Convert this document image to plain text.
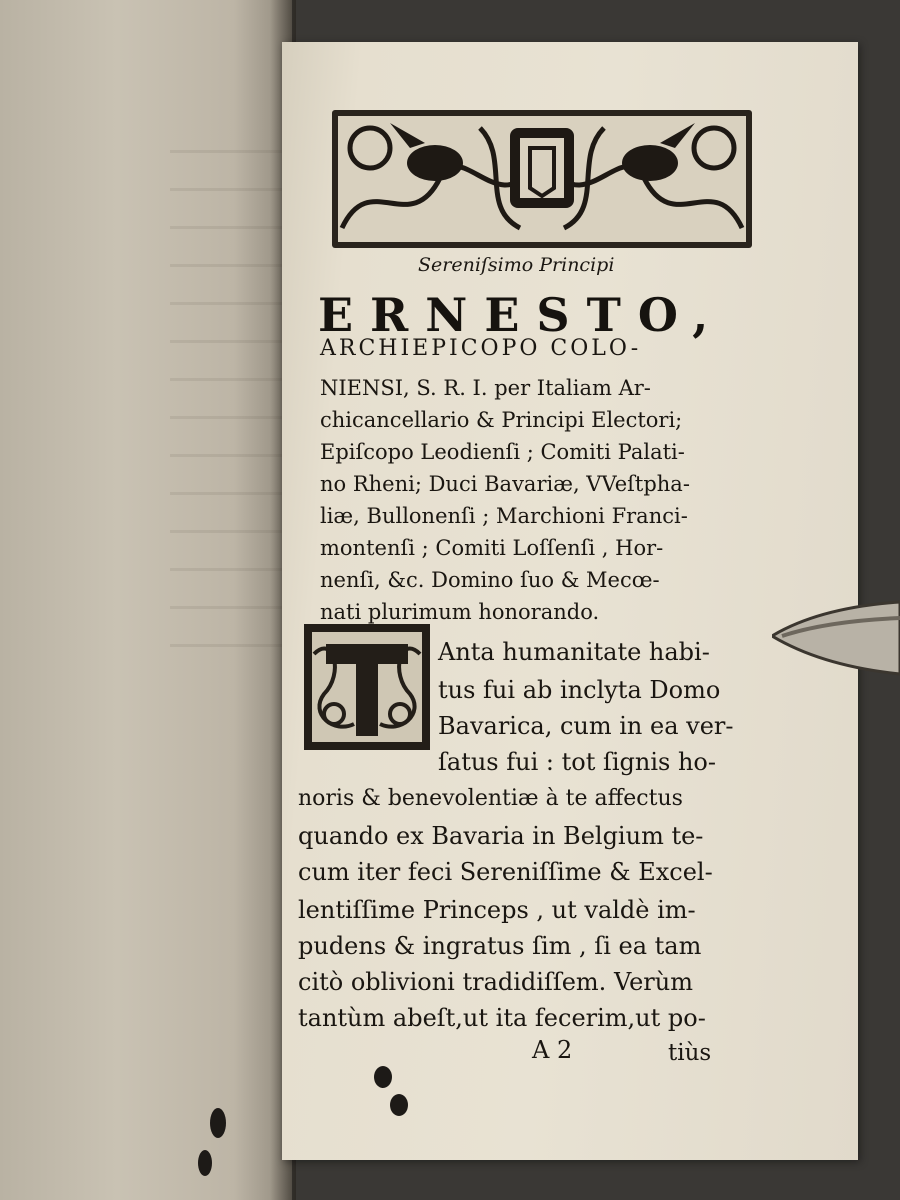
Sereniſsimo Principi
ERNESTO,
ARCHIEPICOPO COLO-
NIENSI, S. R. I. per Italiam Ar-
chicancellario & Principi Electori;
Epiſcopo Leodienſi ; Comiti Palati-
no Rheni; Duci Bavariæ, VVeſtpha-
liæ, Bullonenſi ; Marchioni Franci-
montenſi ; Comiti Loſſenſi , Hor-
nenſi, &c. Domino ſuo & Mecœ-
nati plurimum honorando.
Anta humanitate habi-
tus fui ab inclyta Domo
Bavarica, cum in ea ver-
ſatus fui : tot ſignis ho-
noris & benevolentiæ à te affectus
quando ex Bavaria in Belgium te-
cum iter feci Sereniſſime & Excel-
lentiſſime Princeps , ut valdè im-
pudens & ingratus ſim , ſi ea tam
citò oblivioni tradidiſſem. Verùm
tantùm abeſt,ut ita fecerim,ut po-
A 2	tiùs
